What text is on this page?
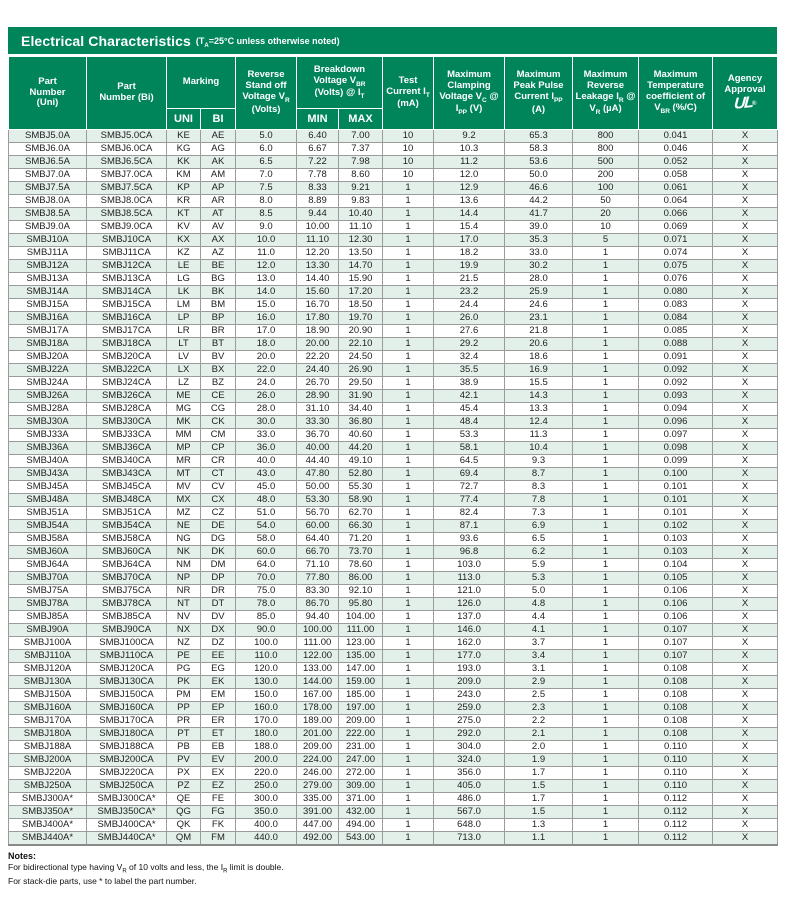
Electrical Characteristics ($T_A=25^\circ C$ unless otherwise noted)
Part Number (Uni)	Part Number (Bi)	Marking		Reverse Stand off Voltage $V_R$ (Volts)	Breakdown Voltage $V_{BR}$ (Volts) @ $I_T$		Test Current $I_T$ (mA)	Maximum Clamping Voltage $V_C$ @ $I_{PP}$ (V)	Maximum Peak Pulse Current $I_{PP}$ (A)	Maximum Reverse Leakage $I_R$ @ $V_R$ (µA)	Maximum Temperature coefficient of $V_{BR}$ (%/C)	Agency Approval
UL®

		UNI	BI		MIN	MAX						
SMBJ5.0A	SMBJ5.0CA	KE	AE	5.0	6.40	7.00	10	9.2	65.3	800	0.041	X
SMBJ6.0A	SMBJ6.0CA	KG	AG	6.0	6.67	7.37	10	10.3	58.3	800	0.046	X
SMBJ6.5A	SMBJ6.5CA	KK	AK	6.5	7.22	7.98	10	11.2	53.6	500	0.052	X
SMBJ7.0A	SMBJ7.0CA	KM	AM	7.0	7.78	8.60	10	12.0	50.0	200	0.058	X
SMBJ7.5A	SMBJ7.5CA	KP	AP	7.5	8.33	9.21	1	12.9	46.6	100	0.061	X
SMBJ8.0A	SMBJ8.0CA	KR	AR	8.0	8.89	9.83	1	13.6	44.2	50	0.064	X
SMBJ8.5A	SMBJ8.5CA	KT	AT	8.5	9.44	10.40	1	14.4	41.7	20	0.066	X
SMBJ9.0A	SMBJ9.0CA	KV	AV	9.0	10.00	11.10	1	15.4	39.0	10	0.069	X
SMBJ10A	SMBJ10CA	KX	AX	10.0	11.10	12.30	1	17.0	35.3	5	0.071	X
SMBJ11A	SMBJ11CA	KZ	AZ	11.0	12.20	13.50	1	18.2	33.0	1	0.074	X
SMBJ12A	SMBJ12CA	LE	BE	12.0	13.30	14.70	1	19.9	30.2	1	0.075	X
SMBJ13A	SMBJ13CA	LG	BG	13.0	14.40	15.90	1	21.5	28.0	1	0.076	X
SMBJ14A	SMBJ14CA	LK	BK	14.0	15.60	17.20	1	23.2	25.9	1	0.080	X
SMBJ15A	SMBJ15CA	LM	BM	15.0	16.70	18.50	1	24.4	24.6	1	0.083	X
SMBJ16A	SMBJ16CA	LP	BP	16.0	17.80	19.70	1	26.0	23.1	1	0.084	X
SMBJ17A	SMBJ17CA	LR	BR	17.0	18.90	20.90	1	27.6	21.8	1	0.085	X
SMBJ18A	SMBJ18CA	LT	BT	18.0	20.00	22.10	1	29.2	20.6	1	0.088	X
SMBJ20A	SMBJ20CA	LV	BV	20.0	22.20	24.50	1	32.4	18.6	1	0.091	X
SMBJ22A	SMBJ22CA	LX	BX	22.0	24.40	26.90	1	35.5	16.9	1	0.092	X
SMBJ24A	SMBJ24CA	LZ	BZ	24.0	26.70	29.50	1	38.9	15.5	1	0.092	X
SMBJ26A	SMBJ26CA	ME	CE	26.0	28.90	31.90	1	42.1	14.3	1	0.093	X
SMBJ28A	SMBJ28CA	MG	CG	28.0	31.10	34.40	1	45.4	13.3	1	0.094	X
SMBJ30A	SMBJ30CA	MK	CK	30.0	33.30	36.80	1	48.4	12.4	1	0.096	X
SMBJ33A	SMBJ33CA	MM	CM	33.0	36.70	40.60	1	53.3	11.3	1	0.097	X
SMBJ36A	SMBJ36CA	MP	CP	36.0	40.00	44.20	1	58.1	10.4	1	0.098	X
SMBJ40A	SMBJ40CA	MR	CR	40.0	44.40	49.10	1	64.5	9.3	1	0.099	X
SMBJ43A	SMBJ43CA	MT	CT	43.0	47.80	52.80	1	69.4	8.7	1	0.100	X
SMBJ45A	SMBJ45CA	MV	CV	45.0	50.00	55.30	1	72.7	8.3	1	0.101	X
SMBJ48A	SMBJ48CA	MX	CX	48.0	53.30	58.90	1	77.4	7.8	1	0.101	X
SMBJ51A	SMBJ51CA	MZ	CZ	51.0	56.70	62.70	1	82.4	7.3	1	0.101	X
SMBJ54A	SMBJ54CA	NE	DE	54.0	60.00	66.30	1	87.1	6.9	1	0.102	X
SMBJ58A	SMBJ58CA	NG	DG	58.0	64.40	71.20	1	93.6	6.5	1	0.103	X
SMBJ60A	SMBJ60CA	NK	DK	60.0	66.70	73.70	1	96.8	6.2	1	0.103	X
SMBJ64A	SMBJ64CA	NM	DM	64.0	71.10	78.60	1	103.0	5.9	1	0.104	X
SMBJ70A	SMBJ70CA	NP	DP	70.0	77.80	86.00	1	113.0	5.3	1	0.105	X
SMBJ75A	SMBJ75CA	NR	DR	75.0	83.30	92.10	1	121.0	5.0	1	0.106	X
SMBJ78A	SMBJ78CA	NT	DT	78.0	86.70	95.80	1	126.0	4.8	1	0.106	X
SMBJ85A	SMBJ85CA	NV	DV	85.0	94.40	104.00	1	137.0	4.4	1	0.106	X
SMBJ90A	SMBJ90CA	NX	DX	90.0	100.00	111.00	1	146.0	4.1	1	0.107	X
SMBJ100A	SMBJ100CA	NZ	DZ	100.0	111.00	123.00	1	162.0	3.7	1	0.107	X
SMBJ110A	SMBJ110CA	PE	EE	110.0	122.00	135.00	1	177.0	3.4	1	0.107	X
SMBJ120A	SMBJ120CA	PG	EG	120.0	133.00	147.00	1	193.0	3.1	1	0.108	X
SMBJ130A	SMBJ130CA	PK	EK	130.0	144.00	159.00	1	209.0	2.9	1	0.108	X
SMBJ150A	SMBJ150CA	PM	EM	150.0	167.00	185.00	1	243.0	2.5	1	0.108	X
SMBJ160A	SMBJ160CA	PP	EP	160.0	178.00	197.00	1	259.0	2.3	1	0.108	X
SMBJ170A	SMBJ170CA	PR	ER	170.0	189.00	209.00	1	275.0	2.2	1	0.108	X
SMBJ180A	SMBJ180CA	PT	ET	180.0	201.00	222.00	1	292.0	2.1	1	0.108	X
SMBJ188A	SMBJ188CA	PB	EB	188.0	209.00	231.00	1	304.0	2.0	1	0.110	X
SMBJ200A	SMBJ200CA	PV	EV	200.0	224.00	247.00	1	324.0	1.9	1	0.110	X
SMBJ220A	SMBJ220CA	PX	EX	220.0	246.00	272.00	1	356.0	1.7	1	0.110	X
SMBJ250A	SMBJ250CA	PZ	EZ	250.0	279.00	309.00	1	405.0	1.5	1	0.110	X
SMBJ300A*	SMBJ300CA*	QE	FE	300.0	335.00	371.00	1	486.0	1.7	1	0.112	X
SMBJ350A*	SMBJ350CA*	QG	FG	350.0	391.00	432.00	1	567.0	1.5	1	0.112	X
SMBJ400A*	SMBJ400CA*	QK	FK	400.0	447.00	494.00	1	648.0	1.3	1	0.112	X
SMBJ440A*	SMBJ440CA*	QM	FM	440.0	492.00	543.00	1	713.0	1.1	1	0.112	X
Notes:
For bidirectional type having $V_R$ of 10 volts and less, the $I_R$ limit is double.
For stack-die parts, use * to label the part number.
